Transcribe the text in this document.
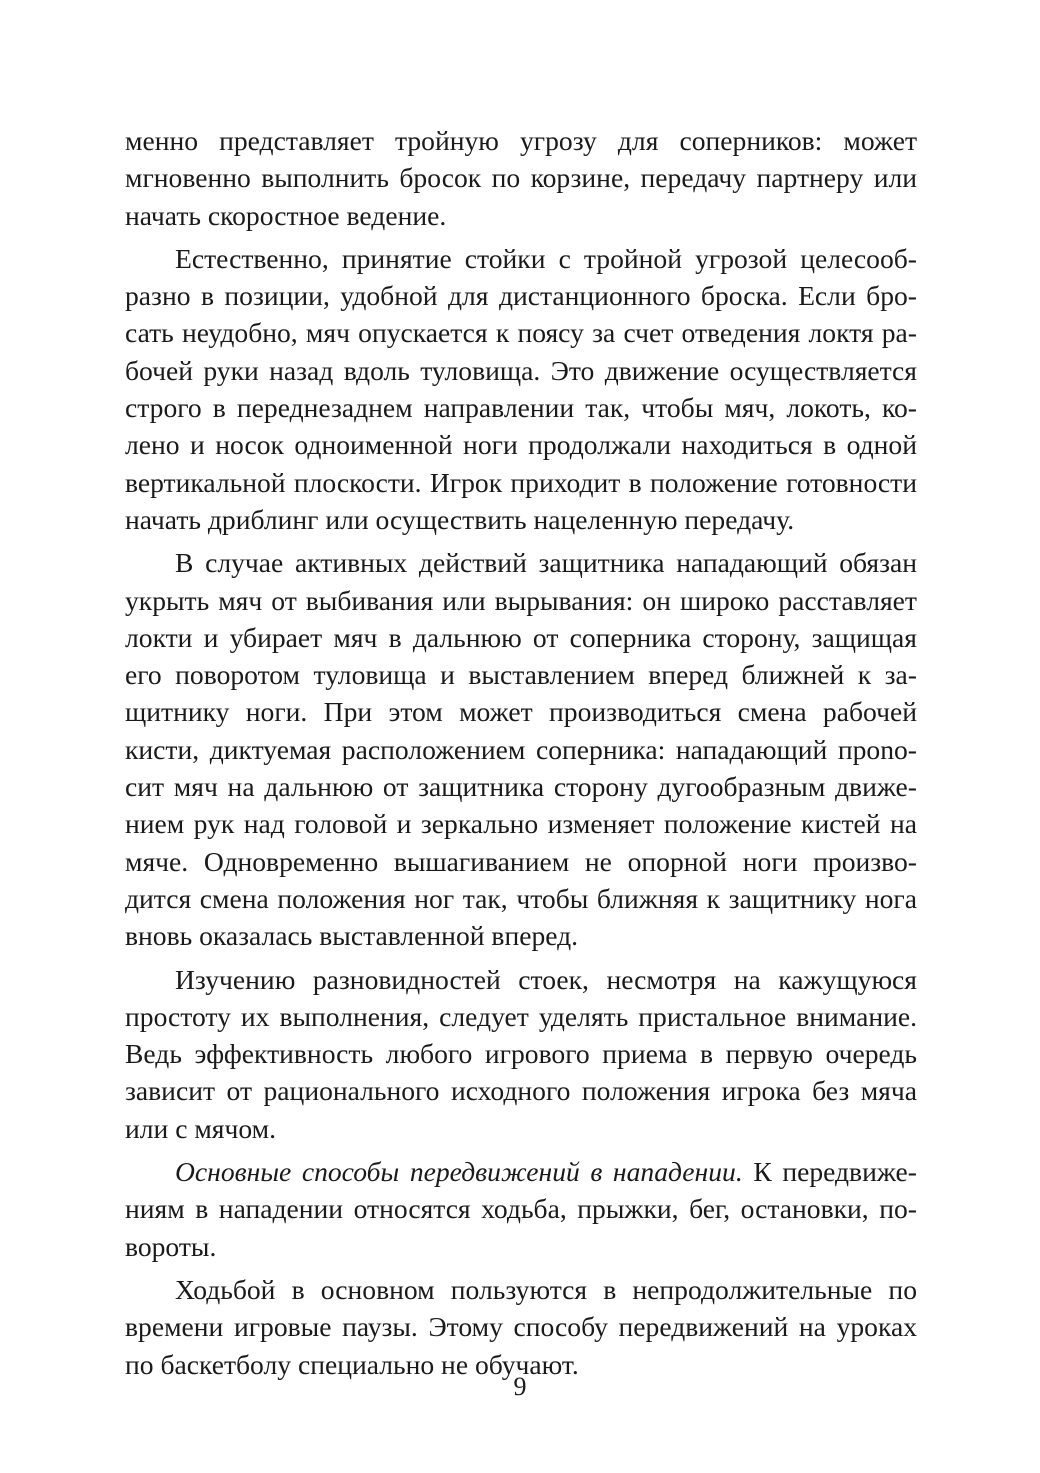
менно представляет тройную угрозу для соперников: может мгновенно выполнить бросок по корзине, передачу партнеру или начать скоростное ведение.

Естественно, принятие стойки с тройной угрозой целесообразно в позиции, удобной для дистанционного броска. Если бросать неудобно, мяч опускается к поясу за счет отведения локтя рабочей руки назад вдоль туловища. Это движение осуществляется строго в переднезаднем направлении так, чтобы мяч, локоть, колено и носок одноименной ноги продолжали находиться в одной вертикальной плоскости. Игрок приходит в положение готовности начать дриблинг или осуществить нацеленную передачу.

В случае активных действий защитника нападающий обязан укрыть мяч от выбивания или вырывания: он широко расставляет локти и убирает мяч в дальнюю от соперника сторону, защищая его поворотом туловища и выставлением вперед ближней к защитнику ноги. При этом может производиться смена рабочей кисти, диктуемая расположением соперника: нападающий прonoсит мяч на дальнюю от защитника сторону дугообразным движением рук над головой и зеркально изменяет положение кистей на мяче. Одновременно вышагиванием не опорной ноги производится смена положения ног так, чтобы ближняя к защитнику нога вновь оказалась выставленной вперед.

Изучению разновидностей стоек, несмотря на кажущуюся простоту их выполнения, следует уделять пристальное внимание. Ведь эффективность любого игрового приема в первую очередь зависит от рационального исходного положения игрока без мяча или с мячом.

Основные способы передвижений в нападении. К передвижениям в нападении относятся ходьба, прыжки, бег, остановки, повороты.

Ходьбой в основном пользуются в непродолжительные по времени игровые паузы. Этому способу передвижений на уроках по баскетболу специально не обучают.

9
